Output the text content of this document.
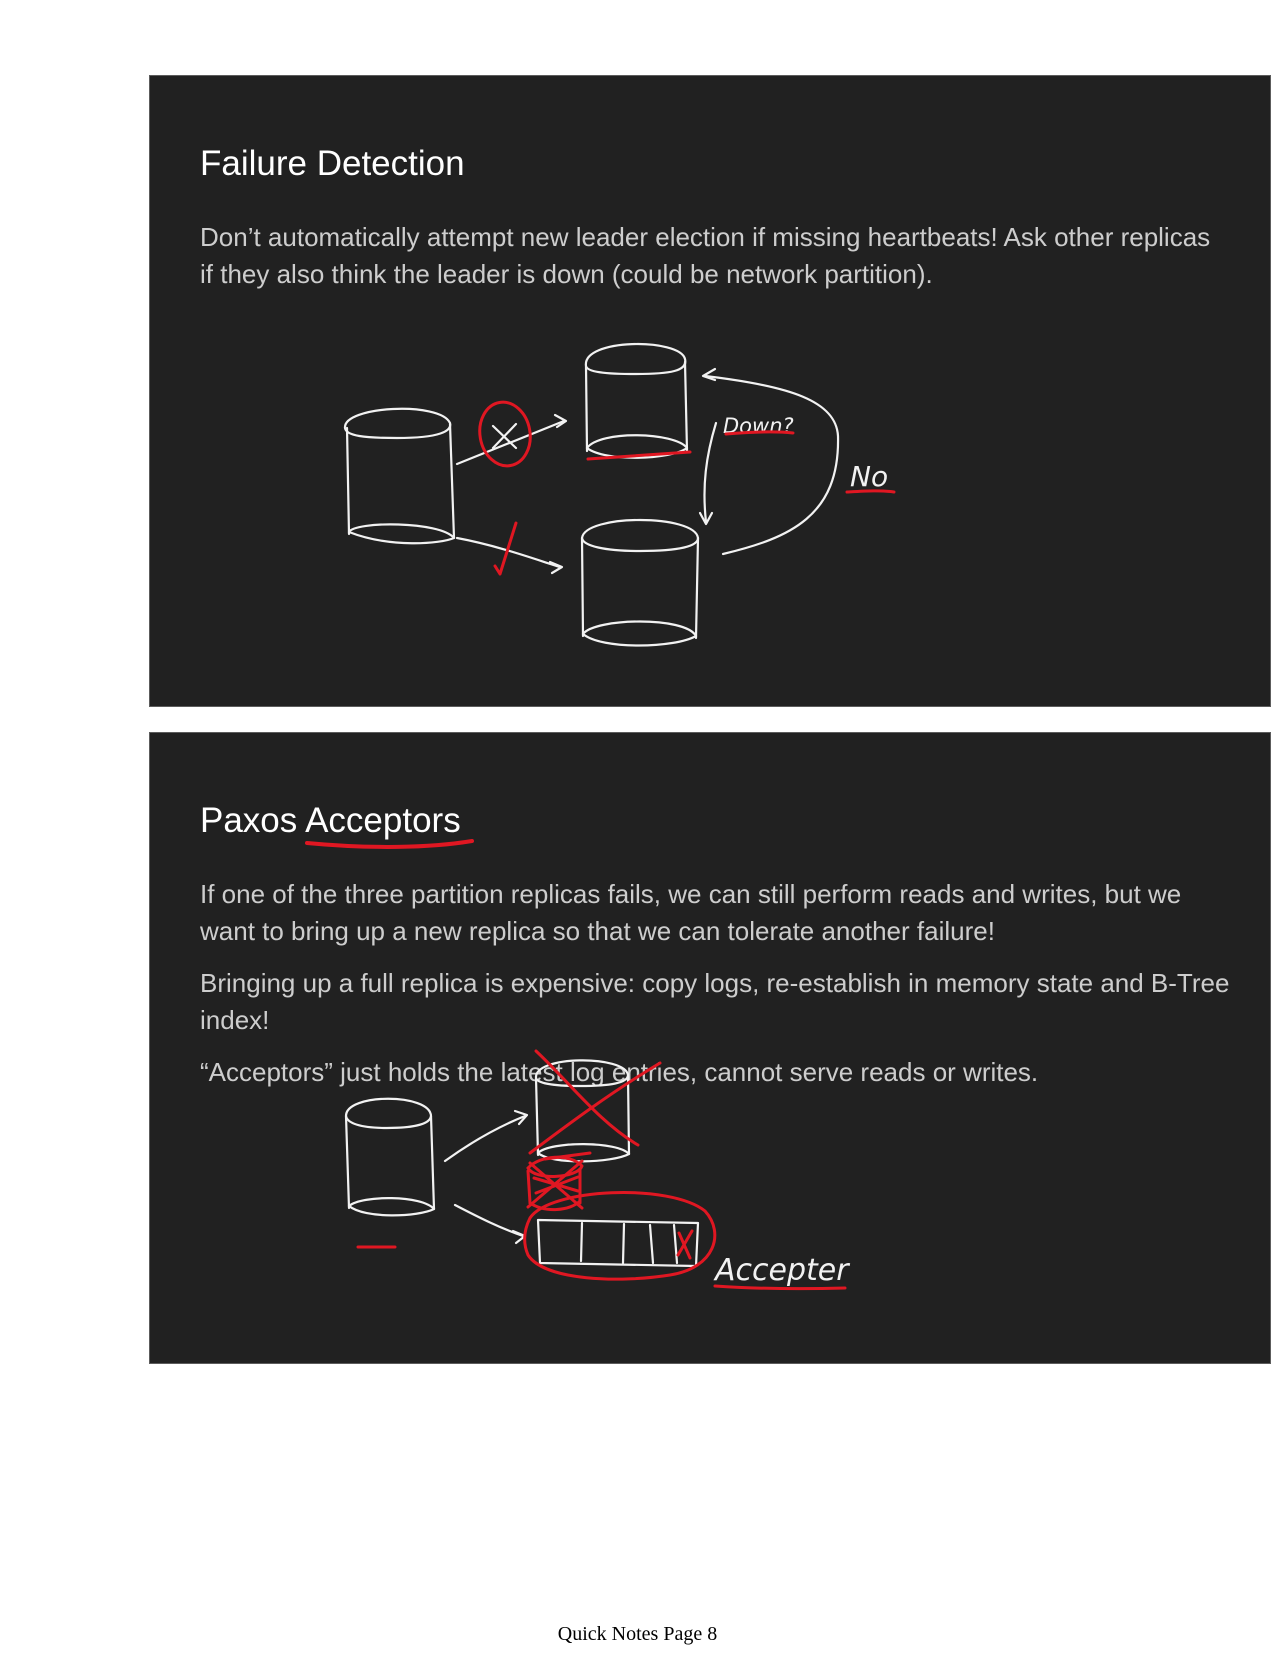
Failure Detection

Don’t automatically attempt new leader election if missing heartbeats! Ask other replicas if they also think the leader is down (could be network partition).

Down?
No
Paxos Acceptors

If one of the three partition replicas fails, we can still perform reads and writes, but we want to bring up a new replica so that we can tolerate another failure!

Bringing up a full replica is expensive: copy logs, re-establish in memory state and B-Tree index!

“Acceptors” just holds the latest log entries, cannot serve reads or writes.

Accepter
Quick Notes Page 8
